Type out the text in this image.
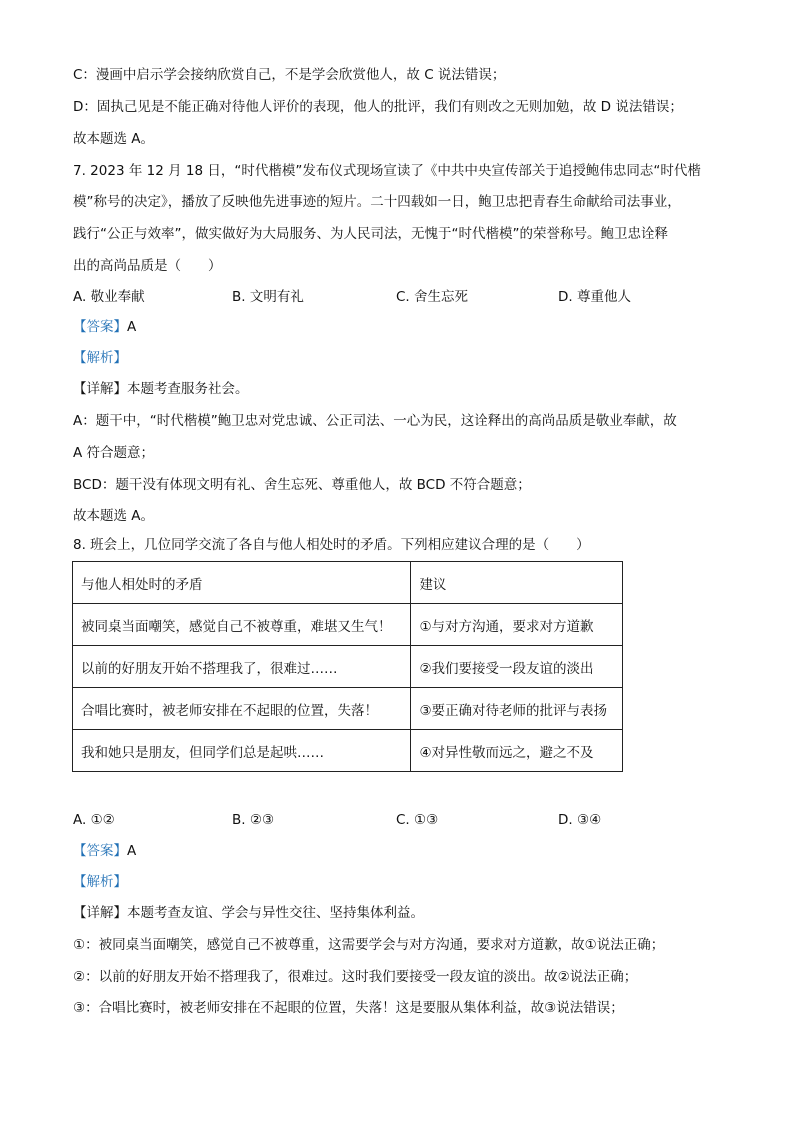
C：漫画中启示学会接纳欣赏自己，不是学会欣赏他人，故 C 说法错误；
D：固执己见是不能正确对待他人评价的表现，他人的批评，我们有则改之无则加勉，故 D 说法错误；
故本题选 A。
7. 2023 年 12 月 18 日，“时代楷模”发布仪式现场宣读了《中共中央宣传部关于追授鲍伟忠同志“时代楷
模”称号的决定》，播放了反映他先进事迹的短片。二十四载如一日，鲍卫忠把青春生命献给司法事业，
践行“公正与效率”，做实做好为大局服务、为人民司法，无愧于“时代楷模”的荣誉称号。鲍卫忠诠释
出的高尚品质是（　　）
A. 敬业奉献	B. 文明有礼	C. 舍生忘死	D. 尊重他人
【答案】A
【解析】
【详解】本题考查服务社会。
A：题干中，“时代楷模”鲍卫忠对党忠诚、公正司法、一心为民，这诠释出的高尚品质是敬业奉献，故
A 符合题意；
BCD：题干没有体现文明有礼、舍生忘死、尊重他人，故 BCD 不符合题意；
故本题选 A。
8. 班会上，几位同学交流了各自与他人相处时的矛盾。下列相应建议合理的是（　　）
与他人相处时的矛盾	建议
被同桌当面嘲笑，感觉自己不被尊重，难堪又生气！	①与对方沟通，要求对方道歉
以前的好朋友开始不搭理我了，很难过……	②我们要接受一段友谊的淡出
合唱比赛时，被老师安排在不起眼的位置，失落！	③要正确对待老师的批评与表扬
我和她只是朋友，但同学们总是起哄……	④对异性敬而远之，避之不及
A. ①②	B. ②③	C. ①③	D. ③④
【答案】A
【解析】
【详解】本题考查友谊、学会与异性交往、坚持集体利益。
①：被同桌当面嘲笑，感觉自己不被尊重，这需要学会与对方沟通，要求对方道歉，故①说法正确；
②：以前的好朋友开始不搭理我了，很难过。这时我们要接受一段友谊的淡出。故②说法正确；
③：合唱比赛时，被老师安排在不起眼的位置，失落！这是要服从集体利益，故③说法错误；
